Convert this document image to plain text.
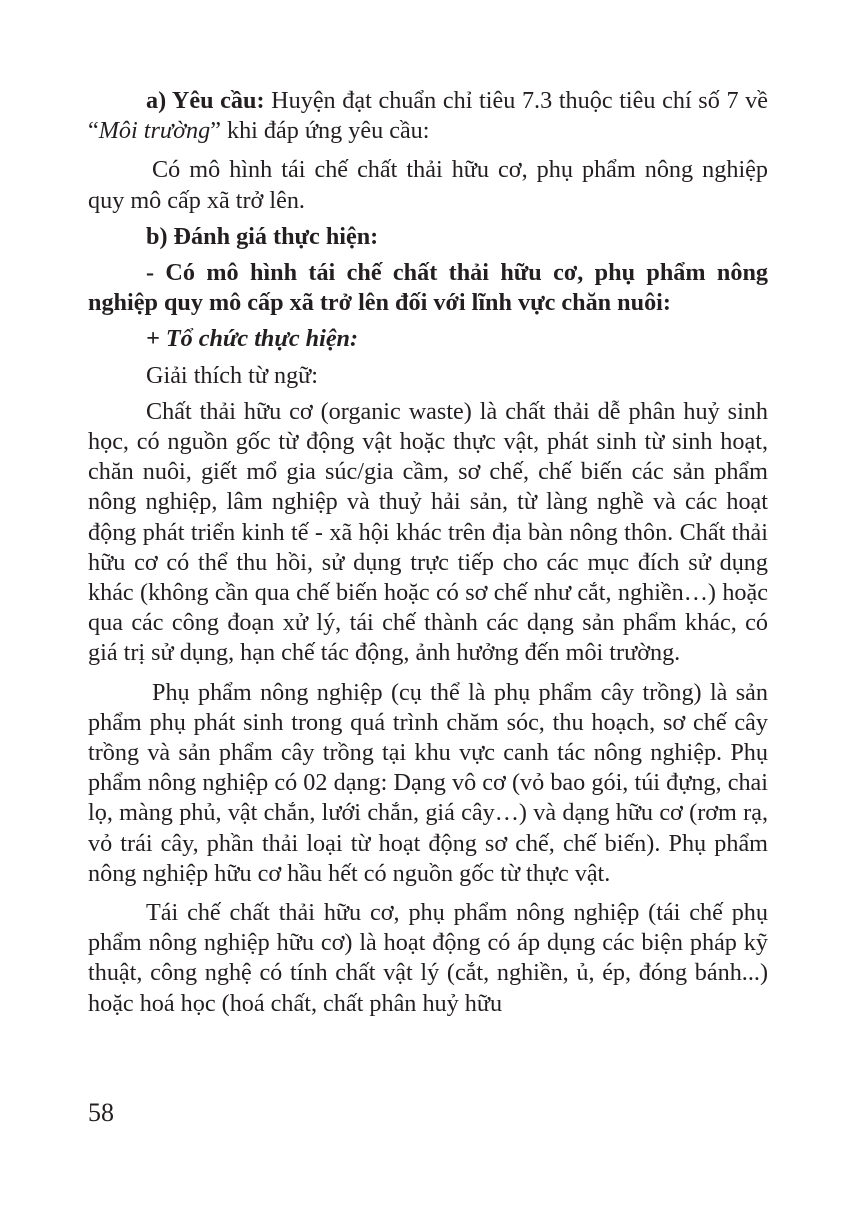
a) Yêu cầu: Huyện đạt chuẩn chỉ tiêu 7.3 thuộc tiêu chí số 7 về “Môi trường” khi đáp ứng yêu cầu:

Có mô hình tái chế chất thải hữu cơ, phụ phẩm nông nghiệp quy mô cấp xã trở lên.

b) Đánh giá thực hiện:

- Có mô hình tái chế chất thải hữu cơ, phụ phẩm nông nghiệp quy mô cấp xã trở lên đối với lĩnh vực chăn nuôi:

+ Tổ chức thực hiện:

Giải thích từ ngữ:

Chất thải hữu cơ (organic waste) là chất thải dễ phân huỷ sinh học, có nguồn gốc từ động vật hoặc thực vật, phát sinh từ sinh hoạt, chăn nuôi, giết mổ gia súc/gia cầm, sơ chế, chế biến các sản phẩm nông nghiệp, lâm nghiệp và thuỷ hải sản, từ làng nghề và các hoạt động phát triển kinh tế - xã hội khác trên địa bàn nông thôn. Chất thải hữu cơ có thể thu hồi, sử dụng trực tiếp cho các mục đích sử dụng khác (không cần qua chế biến hoặc có sơ chế như cắt, nghiền…) hoặc qua các công đoạn xử lý, tái chế thành các dạng sản phẩm khác, có giá trị sử dụng, hạn chế tác động, ảnh hưởng đến môi trường.

Phụ phẩm nông nghiệp (cụ thể là phụ phẩm cây trồng) là sản phẩm phụ phát sinh trong quá trình chăm sóc, thu hoạch, sơ chế cây trồng và sản phẩm cây trồng tại khu vực canh tác nông nghiệp. Phụ phẩm nông nghiệp có 02 dạng: Dạng vô cơ (vỏ bao gói, túi đựng, chai lọ, màng phủ, vật chắn, lưới chắn, giá cây…) và dạng hữu cơ (rơm rạ, vỏ trái cây, phần thải loại từ hoạt động sơ chế, chế biến). Phụ phẩm nông nghiệp hữu cơ hầu hết có nguồn gốc từ thực vật.

Tái chế chất thải hữu cơ, phụ phẩm nông nghiệp (tái chế phụ phẩm nông nghiệp hữu cơ) là hoạt động có áp dụng các biện pháp kỹ thuật, công nghệ có tính chất vật lý (cắt, nghiền, ủ, ép, đóng bánh...) hoặc hoá học (hoá chất, chất phân huỷ hữu

58
